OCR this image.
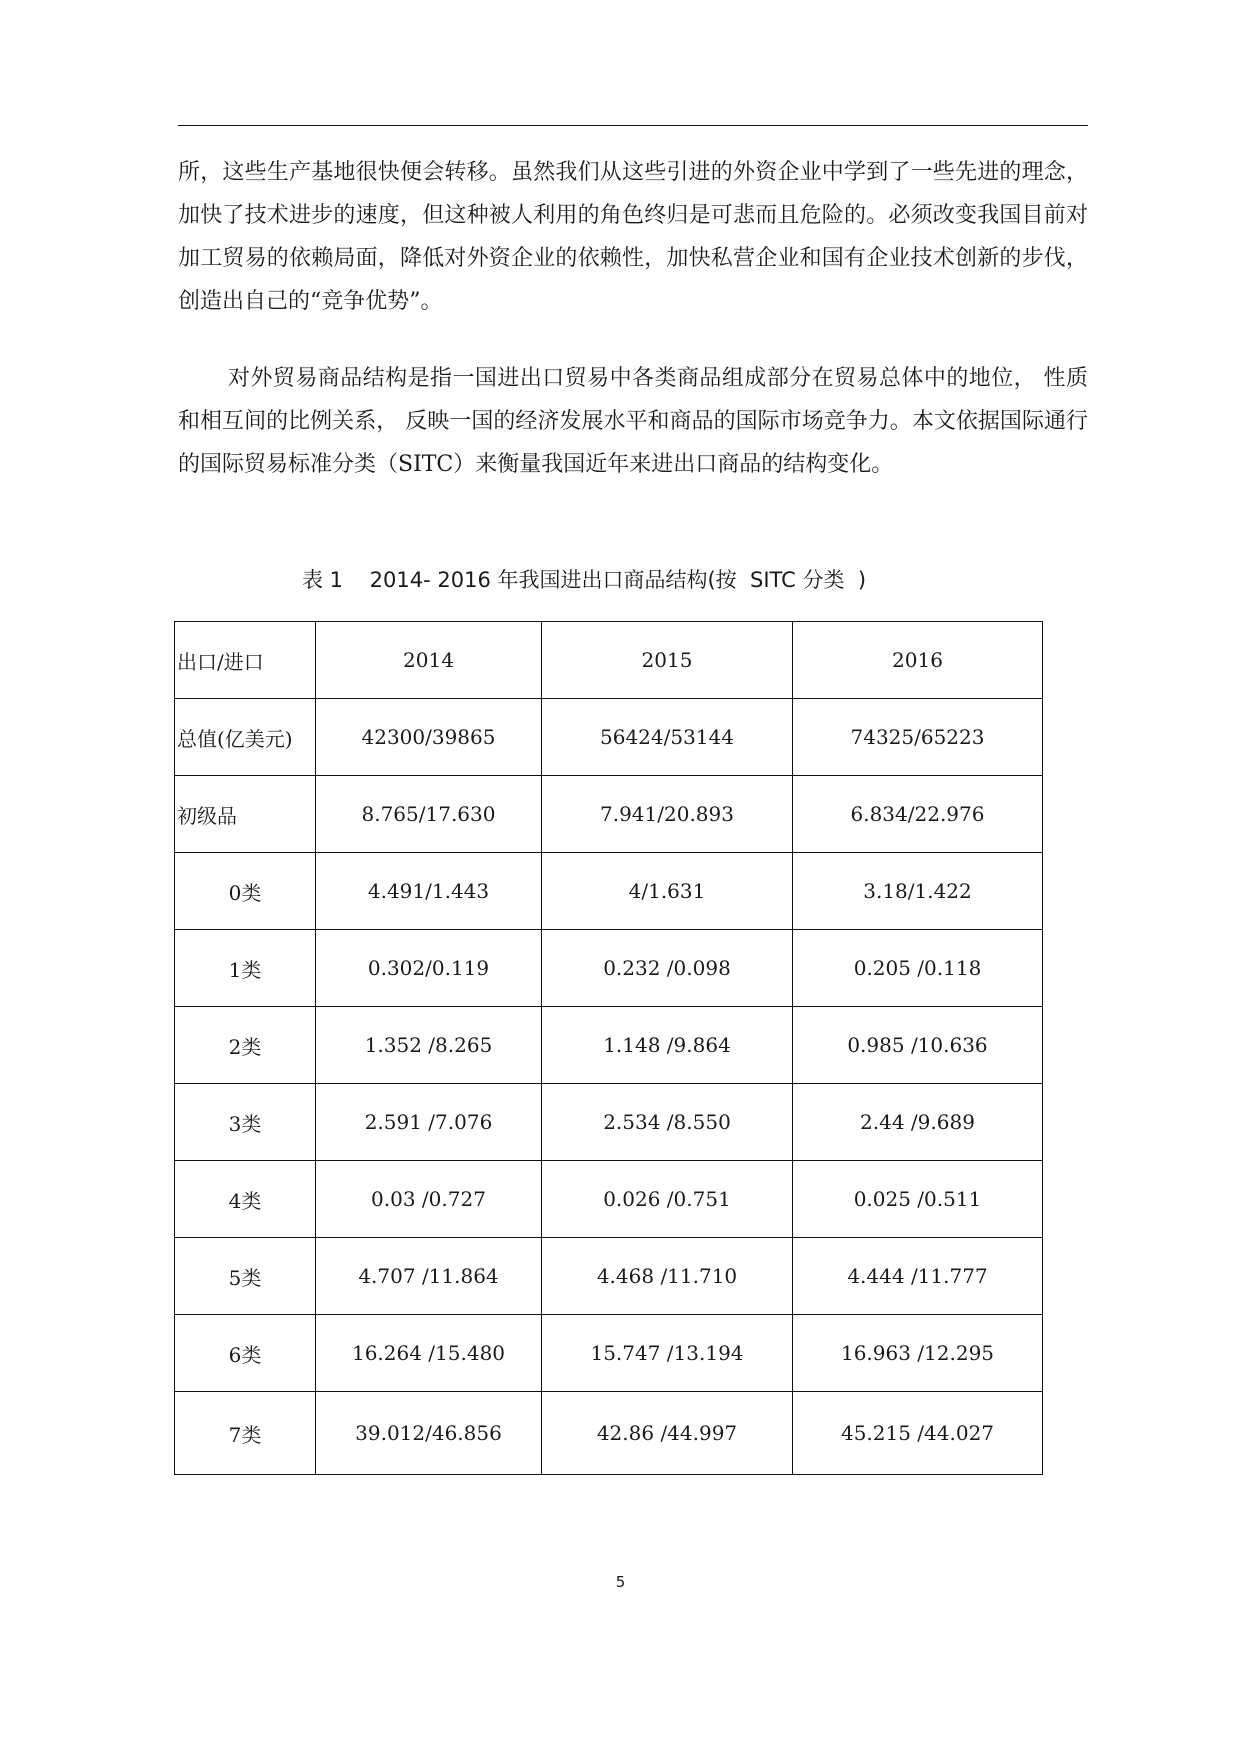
所，这些生产基地很快便会转移。虽然我们从这些引进的外资企业中学到了一些先进的理念，加快了技术进步的速度，但这种被人利用的角色终归是可悲而且危险的。必须改变我国目前对加工贸易的依赖局面，降低对外资企业的依赖性，加快私营企业和国有企业技术创新的步伐，创造出自己的“竞争优势”。

对外贸易商品结构是指一国进出口贸易中各类商品组成部分在贸易总体中的地位， 性质和相互间的比例关系， 反映一国的经济发展水平和商品的国际市场竞争力。本文依据国际通行的国际贸易标准分类（SITC）来衡量我国近年来进出口商品的结构变化。

表 1    2014- 2016 年我国进出口商品结构(按  SITC 分类  )
出口/进口	2014	2015	2016
总值(亿美元)	42300/39865	56424/53144	74325/65223
初级品	8.765/17.630	7.941/20.893	6.834/22.976
0类	4.491/1.443	4/1.631	3.18/1.422
1类	0.302/0.119	0.232 /0.098	0.205 /0.118
2类	1.352 /8.265	1.148 /9.864	0.985 /10.636
3类	2.591 /7.076	2.534 /8.550	2.44 /9.689
4类	0.03 /0.727	0.026 /0.751	0.025 /0.511
5类	4.707 /11.864	4.468 /11.710	4.444 /11.777
6类	16.264 /15.480	15.747 /13.194	16.963 /12.295
7类	39.012/46.856	42.86 /44.997	45.215 /44.027
5
